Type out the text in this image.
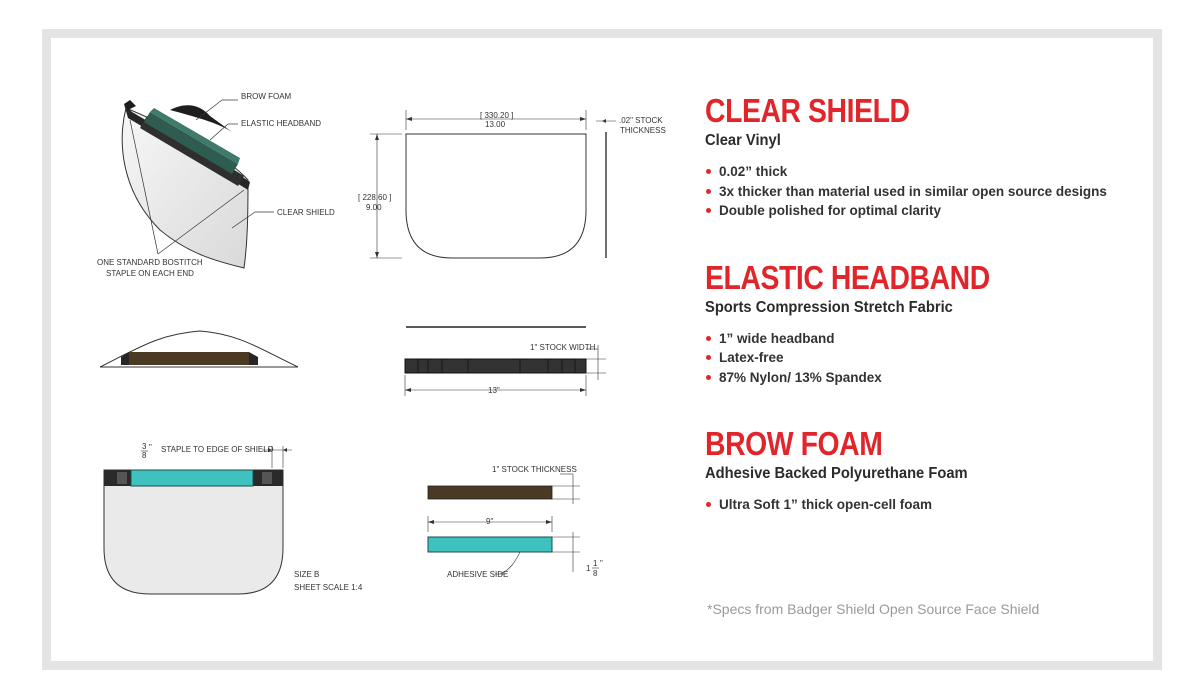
BROW FOAM
ELASTIC HEADBAND
CLEAR SHIELD
ONE STANDARD BOSTITCH
STAPLE ON EACH END
[ 330.20 ]
13.00
[ 228.60 ]
9.00
.02" STOCK
THICKNESS
1" STOCK WIDTH
13"
3
8
" STAPLE TO EDGE OF SHIELD
SIZE B
SHEET SCALE 1:4
1" STOCK THICKNESS
9"
1
1
8
"
ADHESIVE SIDE
CLEAR SHIELD
Clear Vinyl
0.02” thick
3x thicker than material used in similar open source designs
Double polished for optimal clarity
ELASTIC HEADBAND
Sports Compression Stretch Fabric
1” wide headband
Latex-free
87% Nylon/ 13% Spandex
BROW FOAM
Adhesive Backed Polyurethane Foam
Ultra Soft 1” thick open-cell foam
*Specs from Badger Shield Open Source Face Shield
